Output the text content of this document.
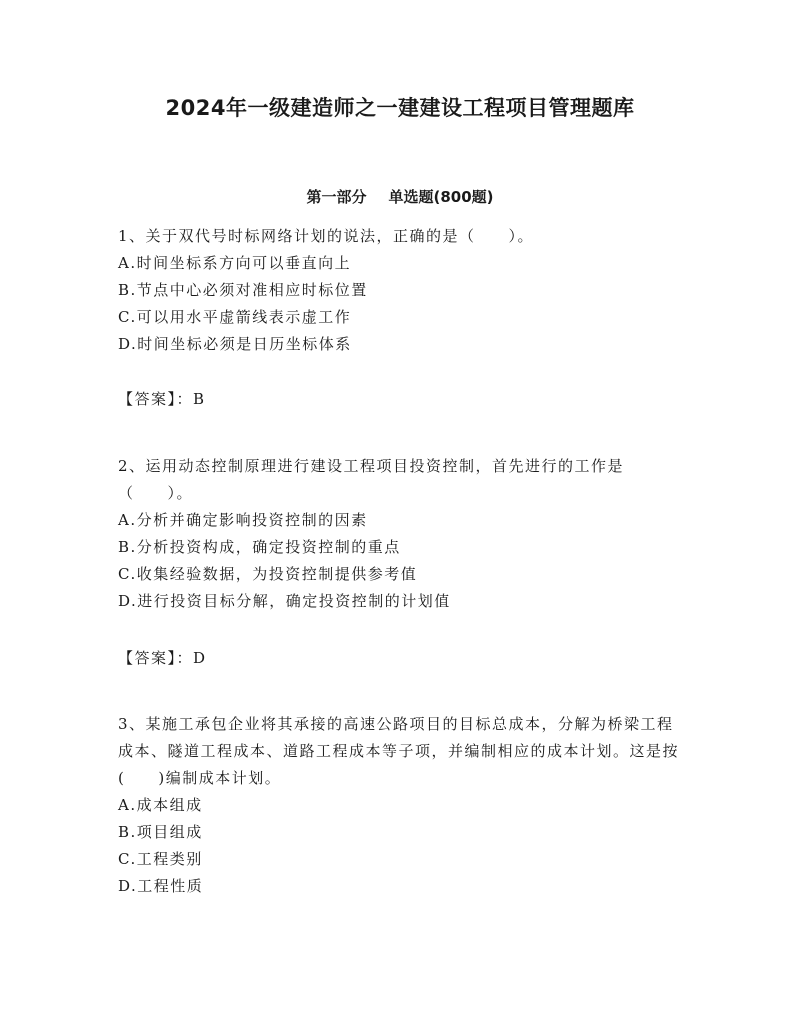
2024年一级建造师之一建建设工程项目管理题库
第一部分 单选题(800题)

1、关于双代号时标网络计划的说法，正确的是（　　）。

A.时间坐标系方向可以垂直向上

B.节点中心必须对准相应时标位置

C.可以用水平虚箭线表示虚工作

D.时间坐标必须是日历坐标体系

【答案】：B

2、运用动态控制原理进行建设工程项目投资控制，首先进行的工作是（　　）。

A.分析并确定影响投资控制的因素

B.分析投资构成，确定投资控制的重点

C.收集经验数据，为投资控制提供参考值

D.进行投资目标分解，确定投资控制的计划值

【答案】：D

3、某施工承包企业将其承接的高速公路项目的目标总成本，分解为桥梁工程成本、隧道工程成本、道路工程成本等子项，并编制相应的成本计划。这是按(　　)编制成本计划。

A.成本组成

B.项目组成

C.工程类别

D.工程性质
